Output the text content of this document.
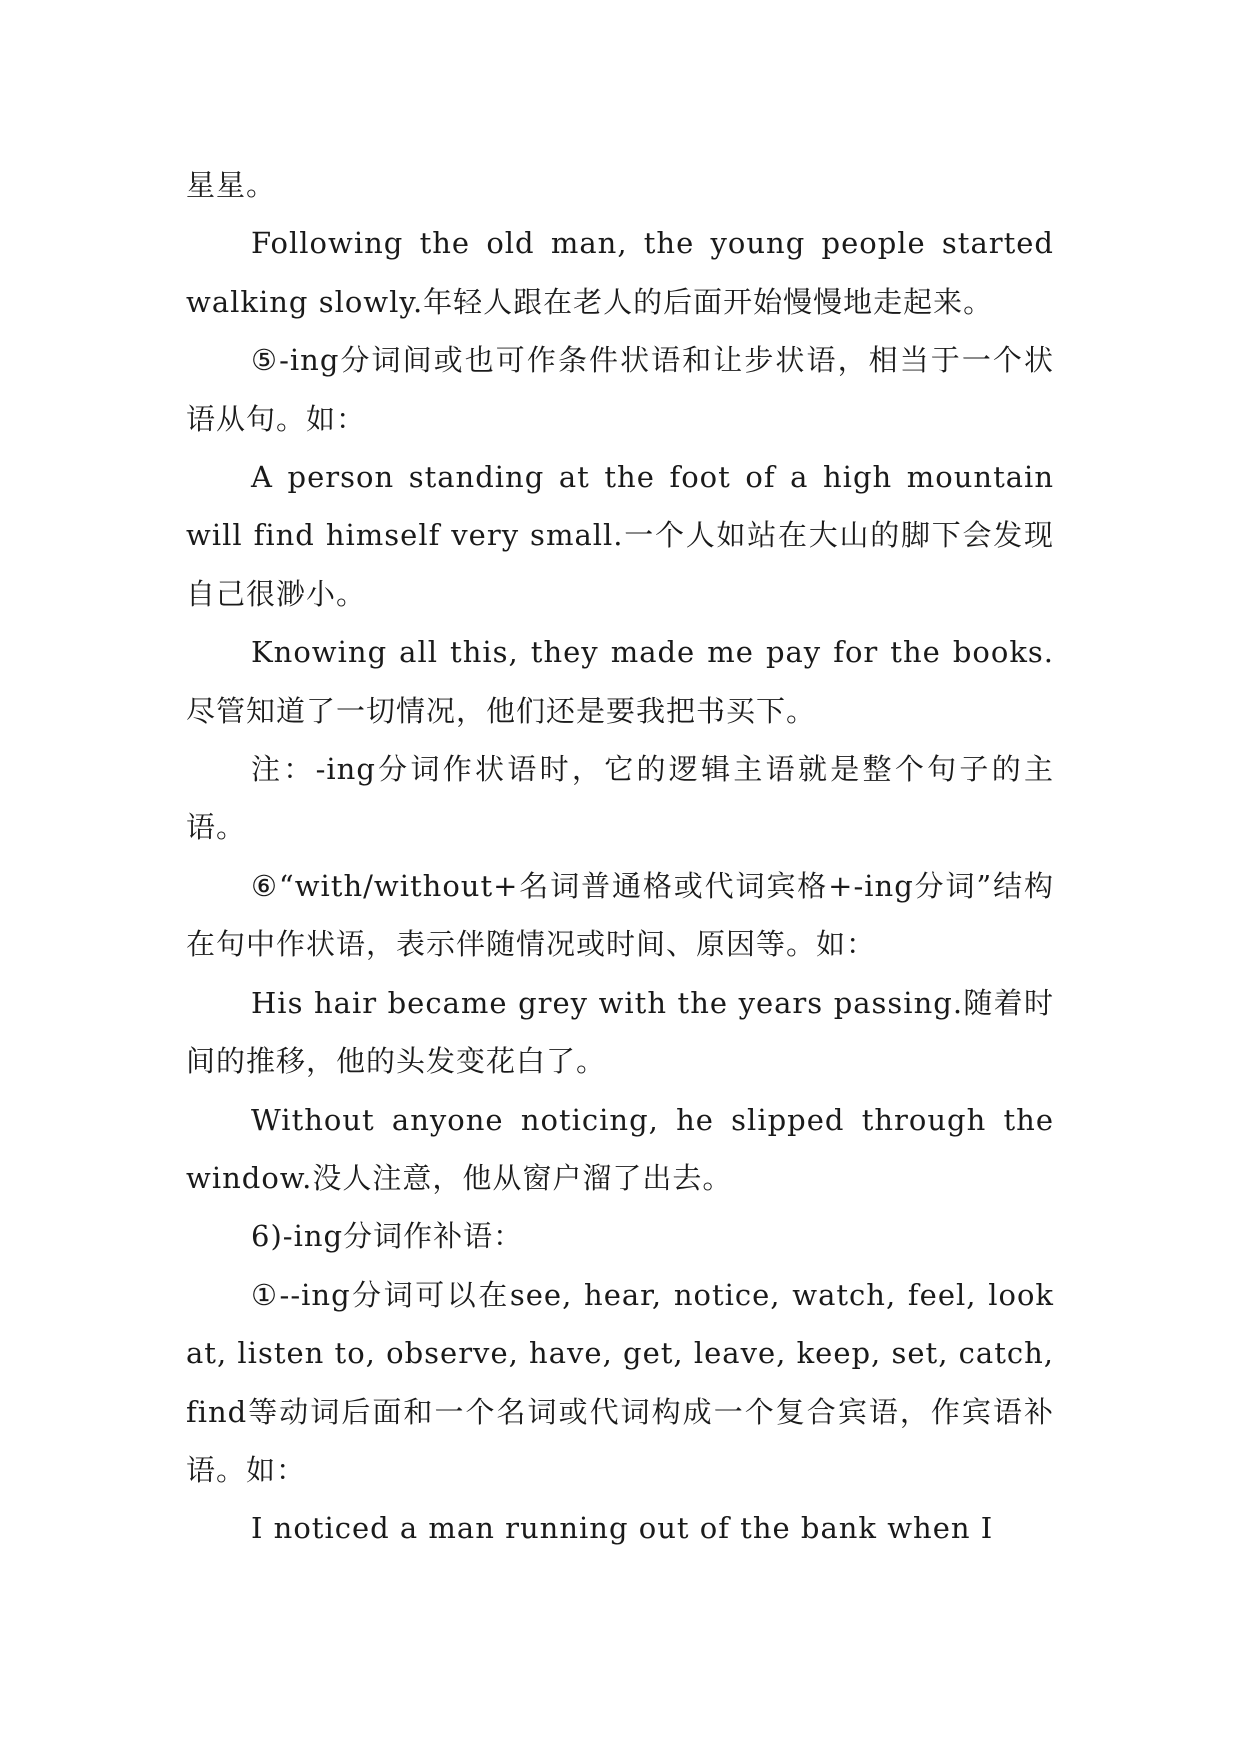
星星。

Following the old man, the young people started walking slowly.年轻人跟在老人的后面开始慢慢地走起来。

⑤-ing分词间或也可作条件状语和让步状语，相当于一个状语从句。如：

A person standing at the foot of a high mountain will find himself very small.一个人如站在大山的脚下会发现自己很渺小。

Knowing all this, they made me pay for the books.尽管知道了一切情况，他们还是要我把书买下。

注：-ing分词作状语时，它的逻辑主语就是整个句子的主语。

⑥“with/without+名词普通格或代词宾格+-ing分词”结构在句中作状语，表示伴随情况或时间、原因等。如：

His hair became grey with the years passing.随着时间的推移，他的头发变花白了。

Without anyone noticing, he slipped through the window.没人注意，他从窗户溜了出去。

6)-ing分词作补语：

①--ing分词可以在see, hear, notice, watch, feel, look at, listen to, observe, have, get, leave, keep, set, catch, find等动词后面和一个名词或代词构成一个复合宾语，作宾语补语。如：

I noticed a man running out of the bank when I
